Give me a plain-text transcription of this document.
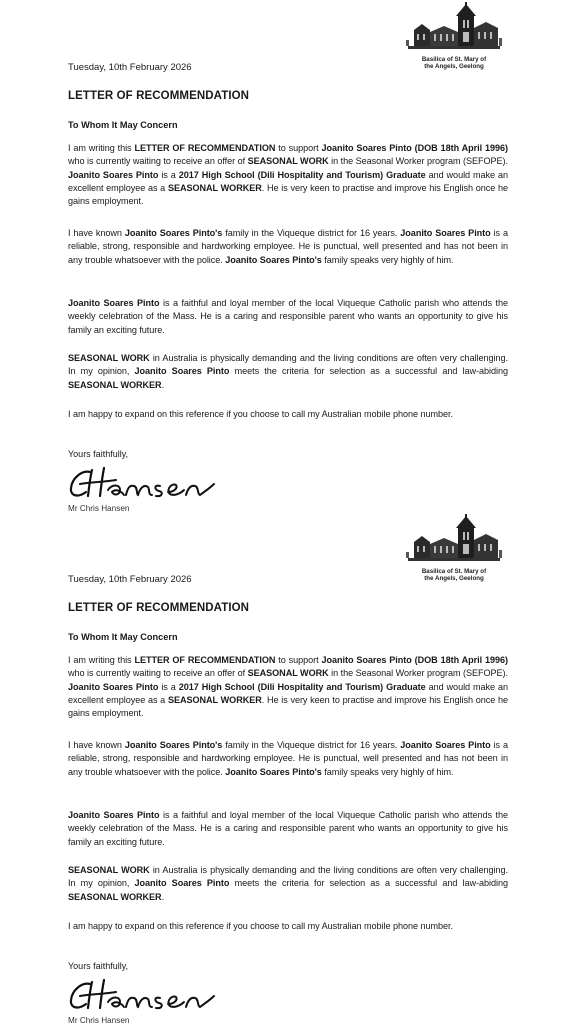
Basilica of St. Mary of
the Angels, Geelong
Tuesday, 10th February 2026
LETTER OF RECOMMENDATION
To Whom It May Concern
I am writing this LETTER OF RECOMMENDATION to support Joanito Soares Pinto (DOB 18th April 1996) who is currently waiting to receive an offer of SEASONAL WORK in the Seasonal Worker program (SEFOPE). Joanito Soares Pinto is a 2017 High School (Dili Hospitality and Tourism) Graduate and would make an excellent employee as a SEASONAL WORKER. He is very keen to practise and improve his English once he gains employment.
I have known Joanito Soares Pinto's family in the Viqueque district for 16 years. Joanito Soares Pinto is a reliable, strong, responsible and hardworking employee. He is punctual, well presented and has not been in any trouble whatsoever with the police. Joanito Soares Pinto's family speaks very highly of him.
Joanito Soares Pinto is a faithful and loyal member of the local Viqueque Catholic parish who attends the weekly celebration of the Mass. He is a caring and responsible parent who wants an opportunity to give his family an exciting future.
SEASONAL WORK in Australia is physically demanding and the living conditions are often very challenging. In my opinion, Joanito Soares Pinto meets the criteria for selection as a successful and law-abiding SEASONAL WORKER.
I am happy to expand on this reference if you choose to call my Australian mobile phone number.
Yours faithfully,
Mr Chris Hansen
Basilica of St. Mary of
the Angels, Geelong
Tuesday, 10th February 2026
LETTER OF RECOMMENDATION
To Whom It May Concern
I am writing this LETTER OF RECOMMENDATION to support Joanito Soares Pinto (DOB 18th April 1996) who is currently waiting to receive an offer of SEASONAL WORK in the Seasonal Worker program (SEFOPE). Joanito Soares Pinto is a 2017 High School (Dili Hospitality and Tourism) Graduate and would make an excellent employee as a SEASONAL WORKER. He is very keen to practise and improve his English once he gains employment.
I have known Joanito Soares Pinto's family in the Viqueque district for 16 years. Joanito Soares Pinto is a reliable, strong, responsible and hardworking employee. He is punctual, well presented and has not been in any trouble whatsoever with the police. Joanito Soares Pinto's family speaks very highly of him.
Joanito Soares Pinto is a faithful and loyal member of the local Viqueque Catholic parish who attends the weekly celebration of the Mass. He is a caring and responsible parent who wants an opportunity to give his family an exciting future.
SEASONAL WORK in Australia is physically demanding and the living conditions are often very challenging. In my opinion, Joanito Soares Pinto meets the criteria for selection as a successful and law-abiding SEASONAL WORKER.
I am happy to expand on this reference if you choose to call my Australian mobile phone number.
Yours faithfully,
Mr Chris Hansen
